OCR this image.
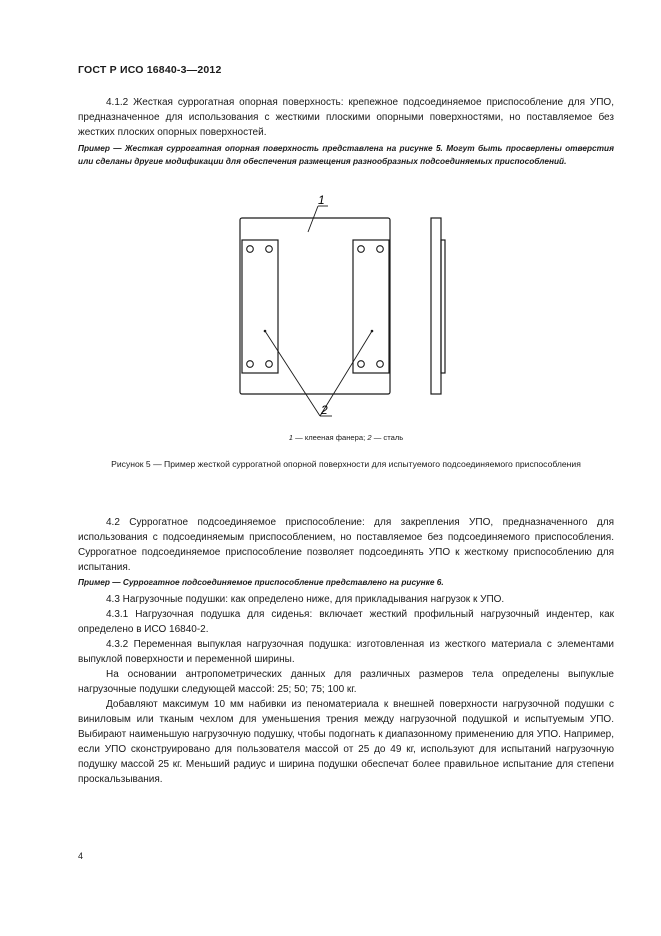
ГОСТ Р ИСО 16840-3—2012

4.1.2 Жесткая суррогатная опорная поверхность: крепежное подсоединяемое приспособление для УПО, предназначенное для использования с жесткими плоскими опорными поверхностями, но поставляемое без жестких плоских опорных поверхностей.

Пример — Жесткая суррогатная опорная поверхность представлена на рисунке 5. Могут быть просверлены отверстия или сделаны другие модификации для обеспечения размещения разнообразных подсоединяемых приспособлений.

1
2
1 — клееная фанера; 2 — сталь
Рисунок 5 — Пример жесткой суррогатной опорной поверхности для испытуемого подсоединяемого приспособления

4.2 Суррогатное подсоединяемое приспособление: для закрепления УПО, предназначенного для использования с подсоединяемым приспособлением, но поставляемое без подсоединяемого приспособления. Суррогатное подсоединяемое приспособление позволяет подсоединять УПО к жесткому приспособлению для испытания.

Пример — Суррогатное подсоединяемое приспособление представлено на рисунке 6.

4.3 Нагрузочные подушки: как определено ниже, для прикладывания нагрузок к УПО.

4.3.1 Нагрузочная подушка для сиденья: включает жесткий профильный нагрузочный индентер, как определено в ИСО 16840-2.

4.3.2 Переменная выпуклая нагрузочная подушка: изготовленная из жесткого материала с элементами выпуклой поверхности и переменной ширины.

На основании антропометрических данных для различных размеров тела определены выпуклые нагрузочные подушки следующей массой: 25; 50; 75; 100 кг.

Добавляют максимум 10 мм набивки из пеноматериала к внешней поверхности нагрузочной подушки с виниловым или тканым чехлом для уменьшения трения между нагрузочной подушкой и испытуемым УПО. Выбирают наименьшую нагрузочную подушку, чтобы подогнать к диапазонному применению для УПО. Например, если УПО сконструировано для пользователя массой от 25 до 49 кг, используют для испытаний нагрузочную подушку массой 25 кг. Меньший радиус и ширина подушки обеспечат более правильное испытание для степени проскальзывания.

4
